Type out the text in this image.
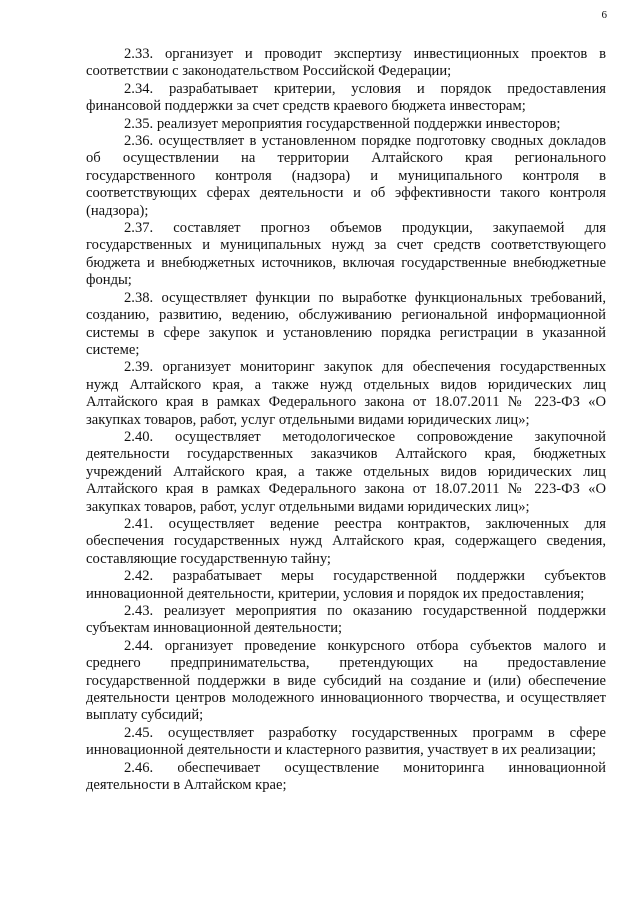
6

2.33. организует и проводит экспертизу инвестиционных проектов в соответствии с законодательством Российской Федерации;

2.34. разрабатывает критерии, условия и порядок предоставления финансовой поддержки за счет средств краевого бюджета инвесторам;

2.35. реализует мероприятия государственной поддержки инвесторов;

2.36. осуществляет в установленном порядке подготовку сводных докладов об осуществлении на территории Алтайского края регионального государственного контроля (надзора) и муниципального контроля в соответствующих сферах деятельности и об эффективности такого контроля (надзора);

2.37. составляет прогноз объемов продукции, закупаемой для государственных и муниципальных нужд за счет средств соответствующего бюджета и внебюджетных источников, включая государственные внебюджетные фонды;

2.38. осуществляет функции по выработке функциональных требований, созданию, развитию, ведению, обслуживанию региональной информационной системы в сфере закупок и установлению порядка регистрации в указанной системе;

2.39. организует мониторинг закупок для обеспечения государственных нужд Алтайского края, а также нужд отдельных видов юридических лиц Алтайского края в рамках Федерального закона от 18.07.2011 № 223-ФЗ «О закупках товаров, работ, услуг отдельными видами юридических лиц»;

2.40. осуществляет методологическое сопровождение закупочной деятельности государственных заказчиков Алтайского края, бюджетных учреждений Алтайского края, а также отдельных видов юридических лиц Алтайского края в рамках Федерального закона от 18.07.2011 № 223-ФЗ «О закупках товаров, работ, услуг отдельными видами юридических лиц»;

2.41. осуществляет ведение реестра контрактов, заключенных для обеспечения государственных нужд Алтайского края, содержащего сведения, составляющие государственную тайну;

2.42. разрабатывает меры государственной поддержки субъектов инновационной деятельности, критерии, условия и порядок их предоставления;

2.43. реализует мероприятия по оказанию государственной поддержки субъектам инновационной деятельности;

2.44. организует проведение конкурсного отбора субъектов малого и среднего предпринимательства, претендующих на предоставление государственной поддержки в виде субсидий на создание и (или) обеспечение деятельности центров молодежного инновационного творчества, и осуществляет выплату субсидий;

2.45. осуществляет разработку государственных программ в сфере инновационной деятельности и кластерного развития, участвует в их реализации;

2.46. обеспечивает осуществление мониторинга инновационной деятельности в Алтайском крае;
